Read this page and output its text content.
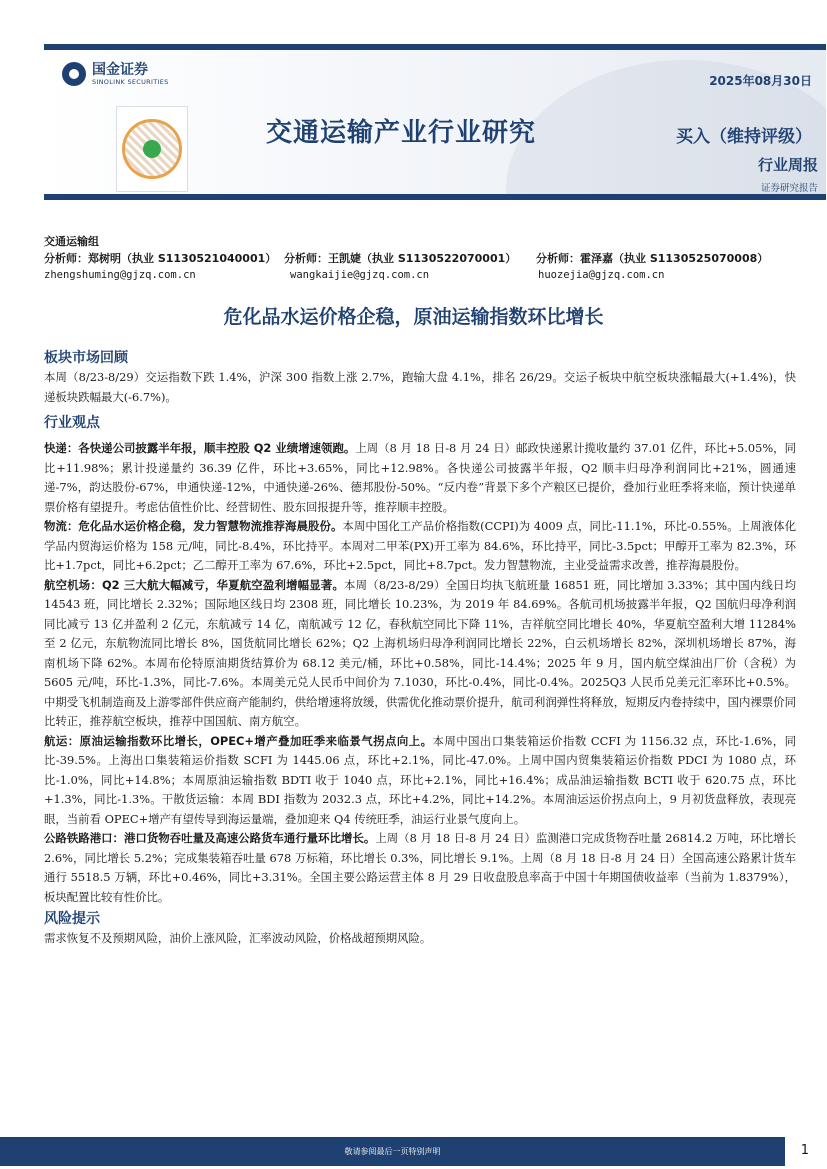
国金证券
SINOLINK SECURITIES
交通运输产业行业研究
2025年08月30日
买入（维持评级）
行业周报
证券研究报告
交通运输组
分析师：郑树明（执业 S1130521040001） 分析师：王凯婕（执业 S1130522070001）	分析师：霍泽嘉（执业 S1130525070008）
zhengshuming@gjzq.com.cn	wangkaijie@gjzq.com.cn	huozejia@gjzq.com.cn
危化品水运价格企稳，原油运输指数环比增长
板块市场回顾

本周（8/23-8/29）交运指数下跌 1.4%，沪深 300 指数上涨 2.7%，跑输大盘 4.1%，排名 26/29。交运子板块中航空板块涨幅最大(+1.4%)，快递板块跌幅最大(-6.7%)。

行业观点

快递：各快递公司披露半年报，顺丰控股 Q2 业绩增速领跑。上周（8 月 18 日-8 月 24 日）邮政快递累计揽收量约 37.01 亿件，环比+5.05%，同比+11.98%；累计投递量约 36.39 亿件，环比+3.65%，同比+12.98%。各快递公司披露半年报，Q2 顺丰归母净利润同比+21%，圆通速递-7%，韵达股份-67%，申通快递-12%，中通快递-26%、德邦股份-50%。“反内卷”背景下多个产粮区已提价，叠加行业旺季将来临，预计快递单票价格有望提升。考虑估值性价比、经营韧性、股东回报提升等，推荐顺丰控股。

物流：危化品水运价格企稳，发力智慧物流推荐海晨股份。本周中国化工产品价格指数(CCPI)为 4009 点，同比-11.1%，环比-0.55%。上周液体化学品内贸海运价格为 158 元/吨，同比-8.4%，环比持平。本周对二甲苯(PX)开工率为 84.6%，环比持平，同比-3.5pct；甲醇开工率为 82.3%，环比+1.7pct，同比+6.2pct；乙二醇开工率为 67.6%，环比+2.5pct，同比+8.7pct。发力智慧物流，主业受益需求改善，推荐海晨股份。

航空机场：Q2 三大航大幅减亏，华夏航空盈利增幅显著。本周（8/23-8/29）全国日均执飞航班量 16851 班，同比增加 3.33%；其中国内线日均 14543 班，同比增长 2.32%；国际地区线日均 2308 班，同比增长 10.23%，为 2019 年 84.69%。各航司机场披露半年报，Q2 国航归母净利润同比减亏 13 亿并盈利 2 亿元，东航减亏 14 亿，南航减亏 12 亿，春秋航空同比下降 11%，吉祥航空同比增长 40%，华夏航空盈利大增 11284%至 2 亿元，东航物流同比增长 8%，国货航同比增长 62%；Q2 上海机场归母净利润同比增长 22%，白云机场增长 82%，深圳机场增长 87%，海南机场下降 62%。本周布伦特原油期货结算价为 68.12 美元/桶，环比+0.58%，同比-14.4%；2025 年 9 月，国内航空煤油出厂价（含税）为 5605 元/吨，环比-1.3%，同比-7.6%。本周美元兑人民币中间价为 7.1030，环比-0.4%，同比-0.4%。2025Q3 人民币兑美元汇率环比+0.5%。中期受飞机制造商及上游零部件供应商产能制约，供给增速将放缓，供需优化推动票价提升，航司利润弹性将释放，短期反内卷持续中，国内裸票价同比转正，推荐航空板块，推荐中国国航、南方航空。

航运：原油运输指数环比增长，OPEC+增产叠加旺季来临景气拐点向上。本周中国出口集装箱运价指数 CCFI 为 1156.32 点，环比-1.6%，同比-39.5%。上海出口集装箱运价指数 SCFI 为 1445.06 点，环比+2.1%，同比-47.0%。上周中国内贸集装箱运价指数 PDCI 为 1080 点，环比-1.0%，同比+14.8%；本周原油运输指数 BDTI 收于 1040 点，环比+2.1%，同比+16.4%；成品油运输指数 BCTI 收于 620.75 点，环比+1.3%，同比-1.3%。干散货运输：本周 BDI 指数为 2032.3 点，环比+4.2%，同比+14.2%。本周油运运价拐点向上，9 月初货盘释放，表现亮眼，当前看 OPEC+增产有望传导到海运量端，叠加迎来 Q4 传统旺季，油运行业景气度向上。

公路铁路港口：港口货物吞吐量及高速公路货车通行量环比增长。上周（8 月 18 日-8 月 24 日）监测港口完成货物吞吐量 26814.2 万吨，环比增长 2.6%，同比增长 5.2%；完成集装箱吞吐量 678 万标箱，环比增长 0.3%，同比增长 9.1%。上周（8 月 18 日-8 月 24 日）全国高速公路累计货车通行 5518.5 万辆，环比+0.46%，同比+3.31%。全国主要公路运营主体 8 月 29 日收盘股息率高于中国十年期国债收益率（当前为 1.8379%），板块配置比较有性价比。

风险提示

需求恢复不及预期风险，油价上涨风险，汇率波动风险，价格战超预期风险。

敬请参阅最后一页特别声明	1
